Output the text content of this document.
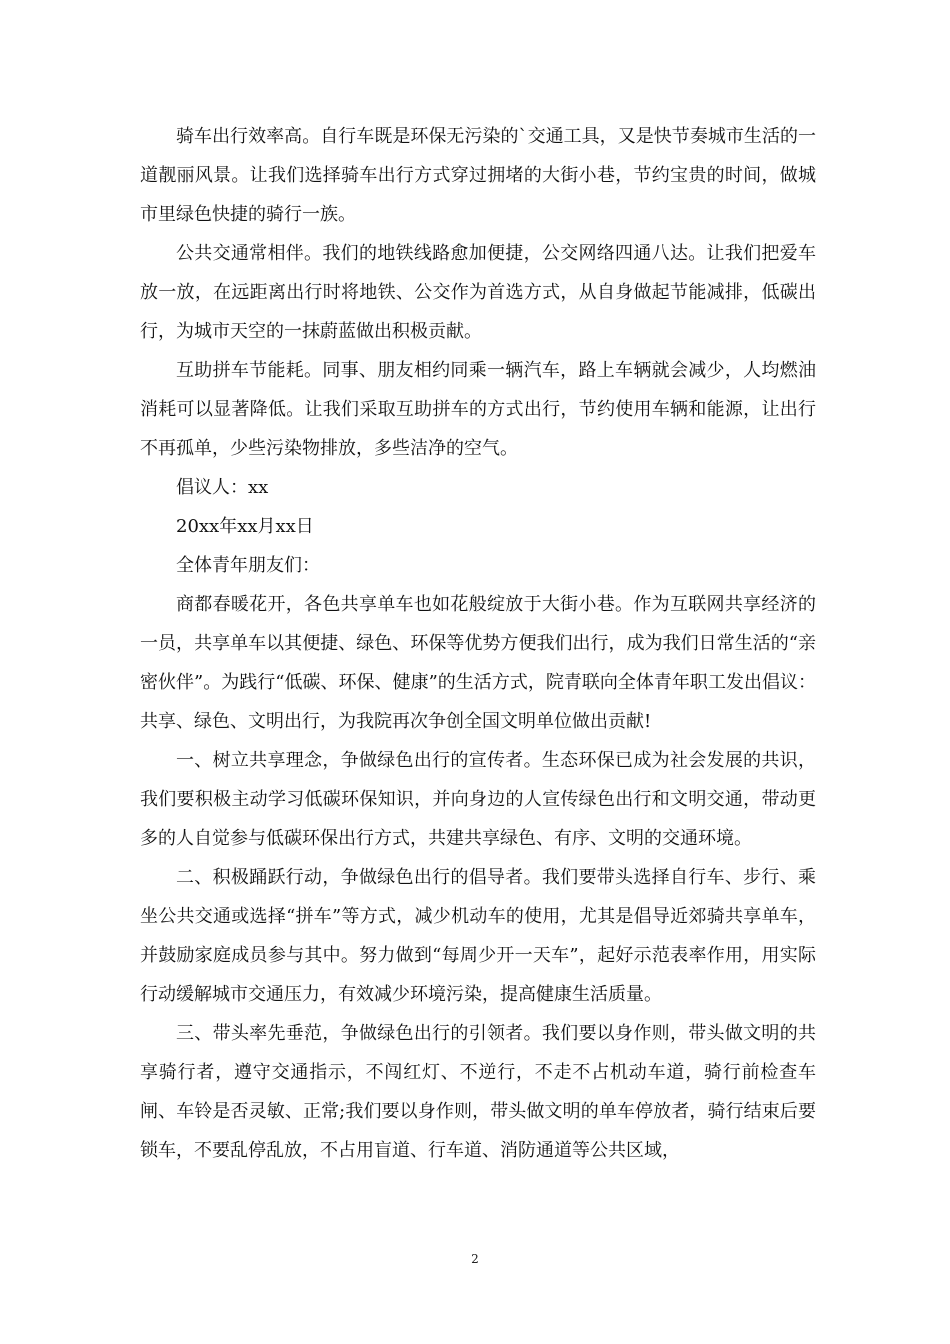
骑车出行效率高。自行车既是环保无污染的`交通工具，又是快节奏城市生活的一道靓丽风景。让我们选择骑车出行方式穿过拥堵的大街小巷，节约宝贵的时间，做城市里绿色快捷的骑行一族。

公共交通常相伴。我们的地铁线路愈加便捷，公交网络四通八达。让我们把爱车放一放，在远距离出行时将地铁、公交作为首选方式，从自身做起节能减排，低碳出行，为城市天空的一抹蔚蓝做出积极贡献。

互助拼车节能耗。同事、朋友相约同乘一辆汽车，路上车辆就会减少，人均燃油消耗可以显著降低。让我们采取互助拼车的方式出行，节约使用车辆和能源，让出行不再孤单，少些污染物排放，多些洁净的空气。

倡议人：xx

20xx年xx月xx日

全体青年朋友们：

商都春暖花开，各色共享单车也如花般绽放于大街小巷。作为互联网共享经济的一员，共享单车以其便捷、绿色、环保等优势方便我们出行，成为我们日常生活的“亲密伙伴”。为践行“低碳、环保、健康”的生活方式，院青联向全体青年职工发出倡议：共享、绿色、文明出行，为我院再次争创全国文明单位做出贡献!

一、树立共享理念，争做绿色出行的宣传者。生态环保已成为社会发展的共识，我们要积极主动学习低碳环保知识，并向身边的人宣传绿色出行和文明交通，带动更多的人自觉参与低碳环保出行方式，共建共享绿色、有序、文明的交通环境。

二、积极踊跃行动，争做绿色出行的倡导者。我们要带头选择自行车、步行、乘坐公共交通或选择“拼车”等方式，减少机动车的使用，尤其是倡导近郊骑共享单车，并鼓励家庭成员参与其中。努力做到“每周少开一天车”，起好示范表率作用，用实际行动缓解城市交通压力，有效减少环境污染，提高健康生活质量。

三、带头率先垂范，争做绿色出行的引领者。我们要以身作则，带头做文明的共享骑行者，遵守交通指示，不闯红灯、不逆行，不走不占机动车道，骑行前检查车闸、车铃是否灵敏、正常;我们要以身作则，带头做文明的单车停放者，骑行结束后要锁车，不要乱停乱放，不占用盲道、行车道、消防通道等公共区域，

2
